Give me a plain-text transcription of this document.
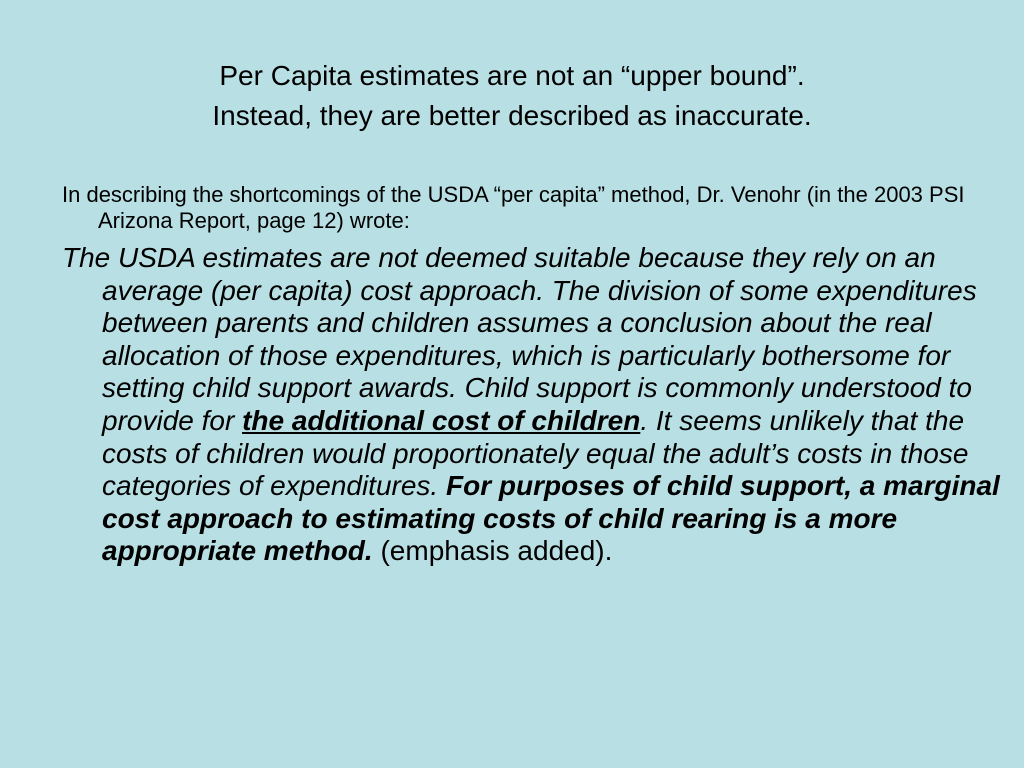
Per Capita estimates are not an “upper bound”.
Instead, they are better described as inaccurate.
In describing the shortcomings of the USDA “per capita” method, Dr. Venohr (in the 2003 PSI Arizona Report, page 12) wrote:
The USDA estimates are not deemed suitable because they rely on an average (per capita) cost approach. The division of some expenditures between parents and children assumes a conclusion about the real allocation of those expenditures, which is particularly bothersome for setting child support awards. Child support is commonly understood to provide for the additional cost of children. It seems unlikely that the costs of children would proportionately equal the adult’s costs in those categories of expenditures. For purposes of child support, a marginal cost approach to estimating costs of child rearing is a more appropriate method. (emphasis added).
